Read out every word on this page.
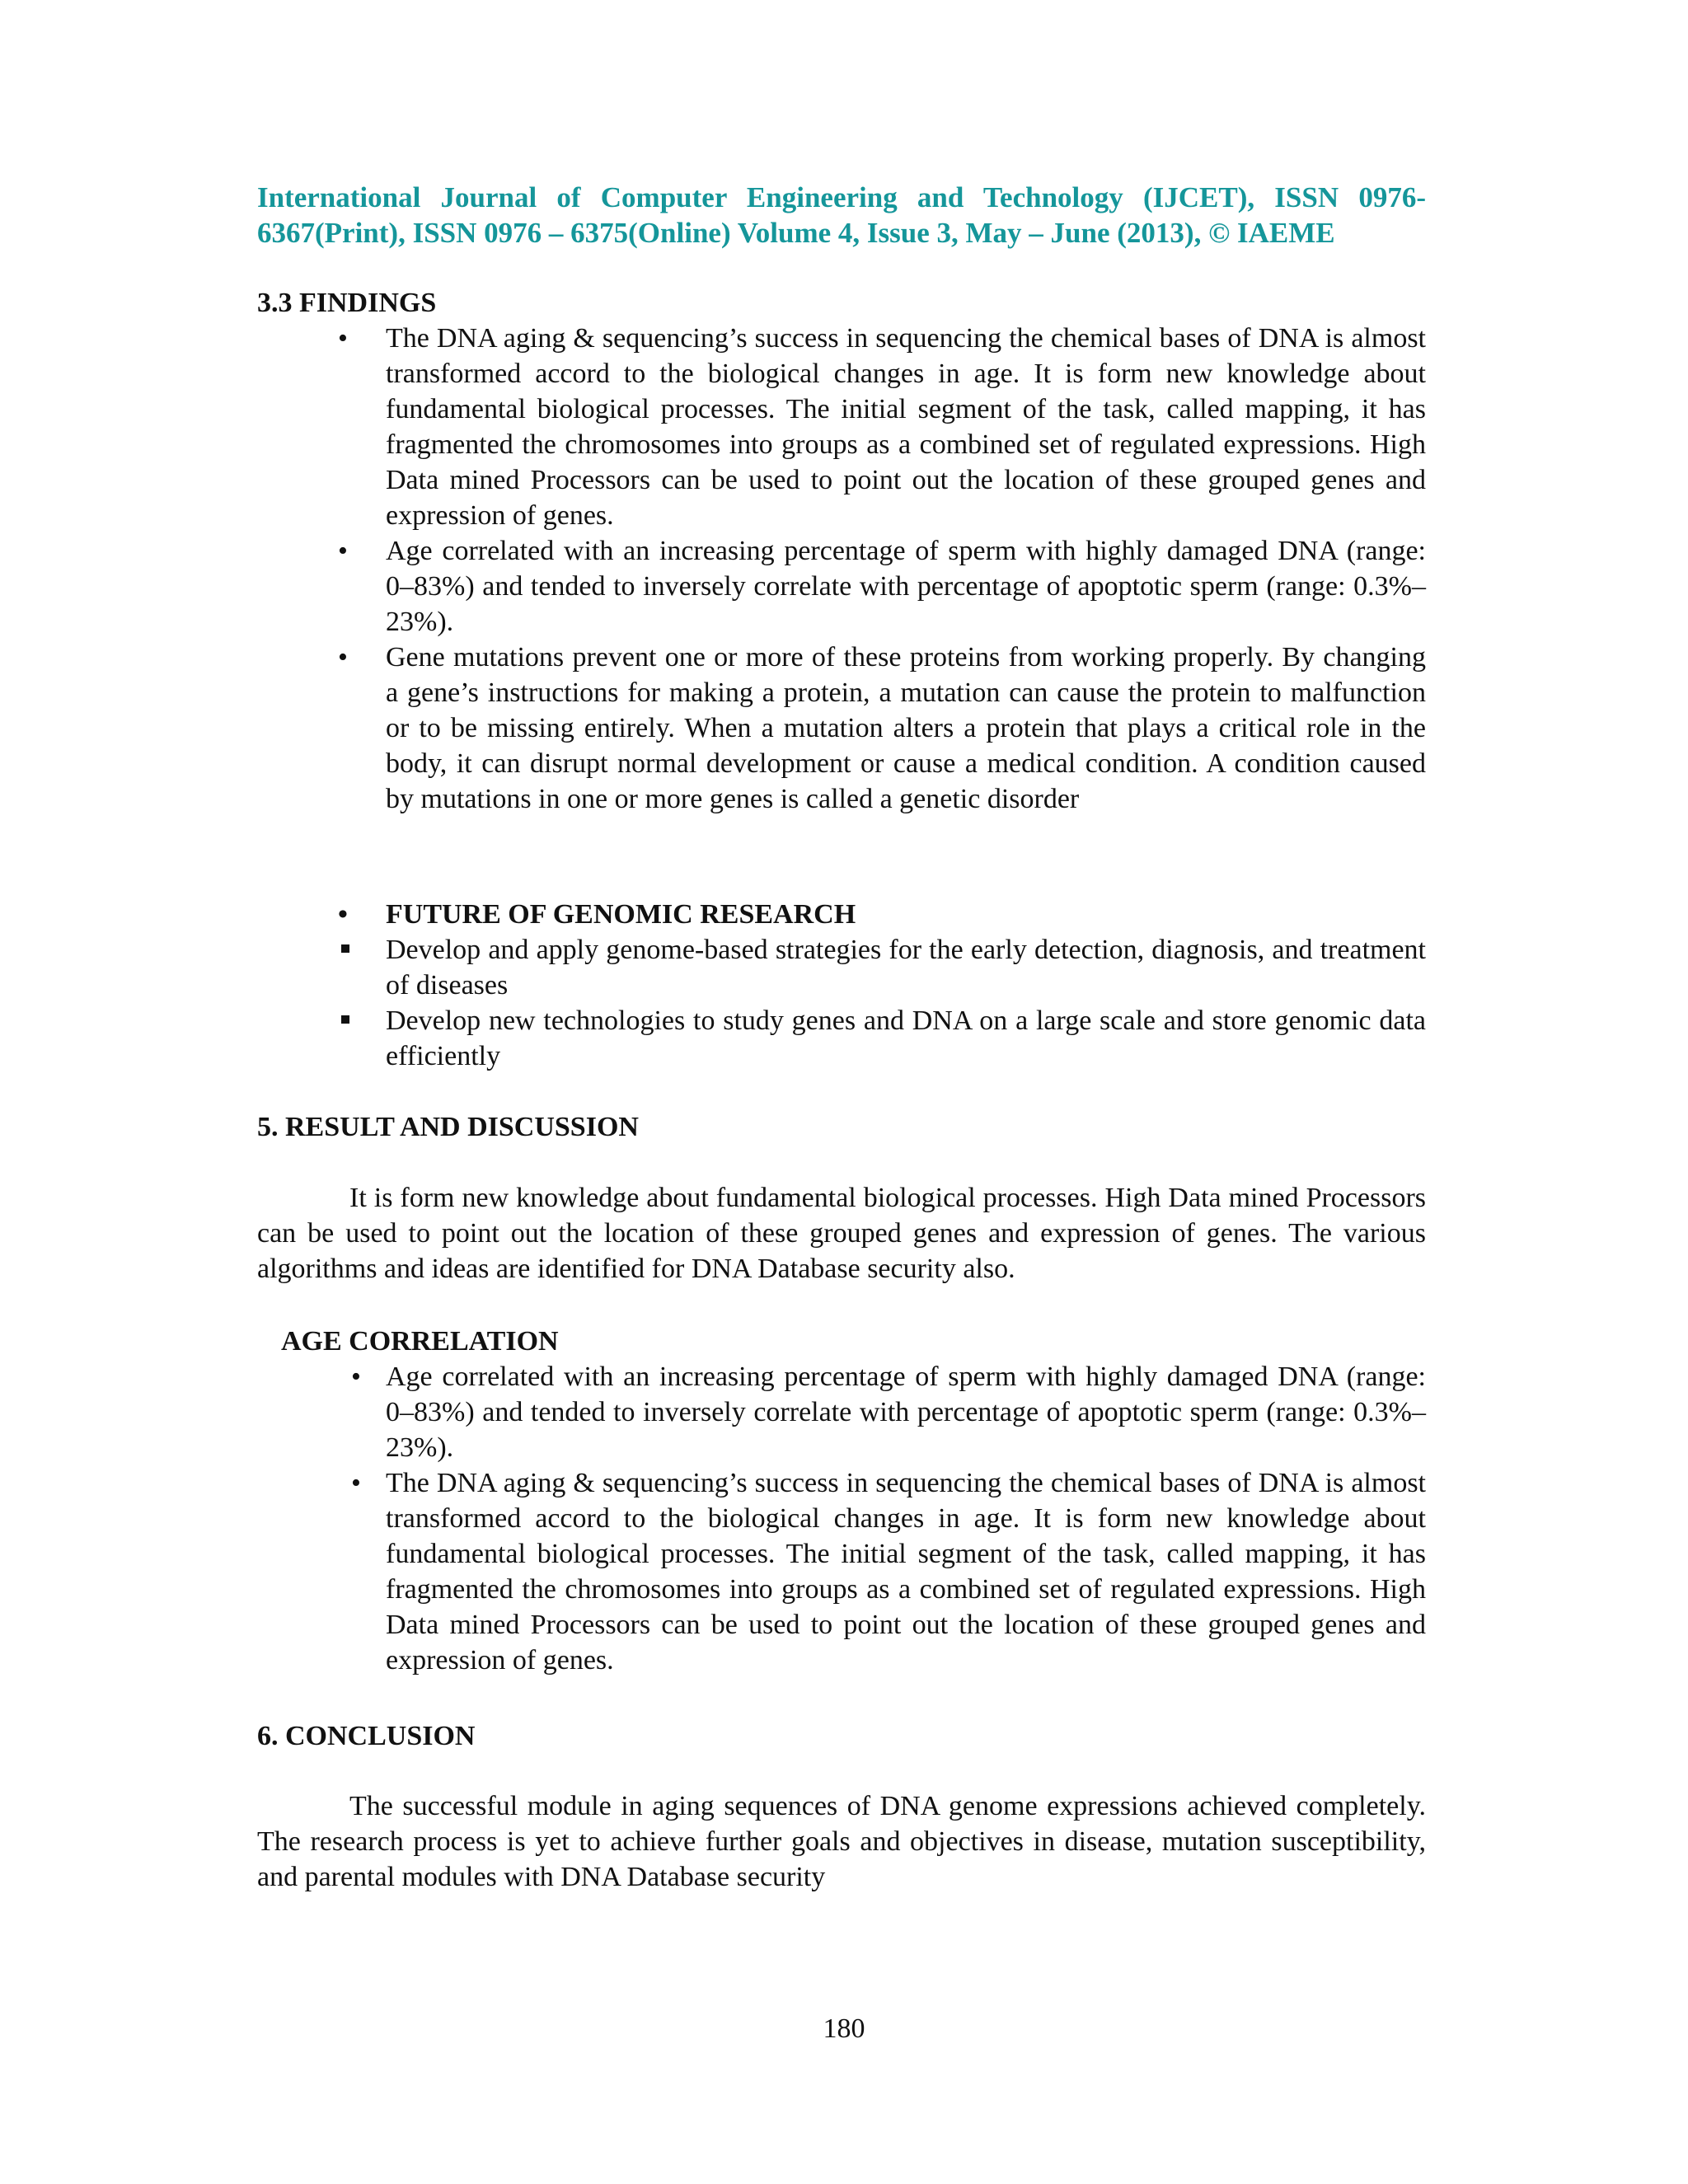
International Journal of Computer Engineering and Technology (IJCET), ISSN 0976-
6367(Print), ISSN 0976 – 6375(Online) Volume 4, Issue 3, May – June (2013), © IAEME
3.3 FINDINGS
• The DNA aging & sequencing’s success in sequencing the chemical bases of DNA is almost transformed accord to the biological changes in age. It is form new knowledge about fundamental biological processes. The initial segment of the task, called mapping, it has fragmented the chromosomes into groups as a combined set of regulated expressions. High Data mined Processors can be used to point out the location of these grouped genes and expression of genes.
• Age correlated with an increasing percentage of sperm with highly damaged DNA (range: 0–83%) and tended to inversely correlate with percentage of apoptotic sperm (range: 0.3%–23%).
• Gene mutations prevent one or more of these proteins from working properly. By changing a gene’s instructions for making a protein, a mutation can cause the protein to malfunction or to be missing entirely. When a mutation alters a protein that plays a critical role in the body, it can disrupt normal development or cause a medical condition. A condition caused by mutations in one or more genes is called a genetic disorder
• FUTURE OF GENOMIC RESEARCH
Develop and apply genome-based strategies for the early detection, diagnosis, and treatment of diseases
Develop new technologies to study genes and DNA on a large scale and store genomic data efficiently
5. RESULT AND DISCUSSION
It is form new knowledge about fundamental biological processes. High Data mined Processors can be used to point out the location of these grouped genes and expression of genes. The various algorithms and ideas are identified for DNA Database security also.
AGE CORRELATION
• Age correlated with an increasing percentage of sperm with highly damaged DNA (range: 0–83%) and tended to inversely correlate with percentage of apoptotic sperm (range: 0.3%–23%).
• The DNA aging & sequencing’s success in sequencing the chemical bases of DNA is almost transformed accord to the biological changes in age. It is form new knowledge about fundamental biological processes. The initial segment of the task, called mapping, it has fragmented the chromosomes into groups as a combined set of regulated expressions. High Data mined Processors can be used to point out the location of these grouped genes and expression of genes.
6. CONCLUSION
The successful module in aging sequences of DNA genome expressions achieved completely. The research process is yet to achieve further goals and objectives in disease, mutation susceptibility, and parental modules with DNA Database security
180
